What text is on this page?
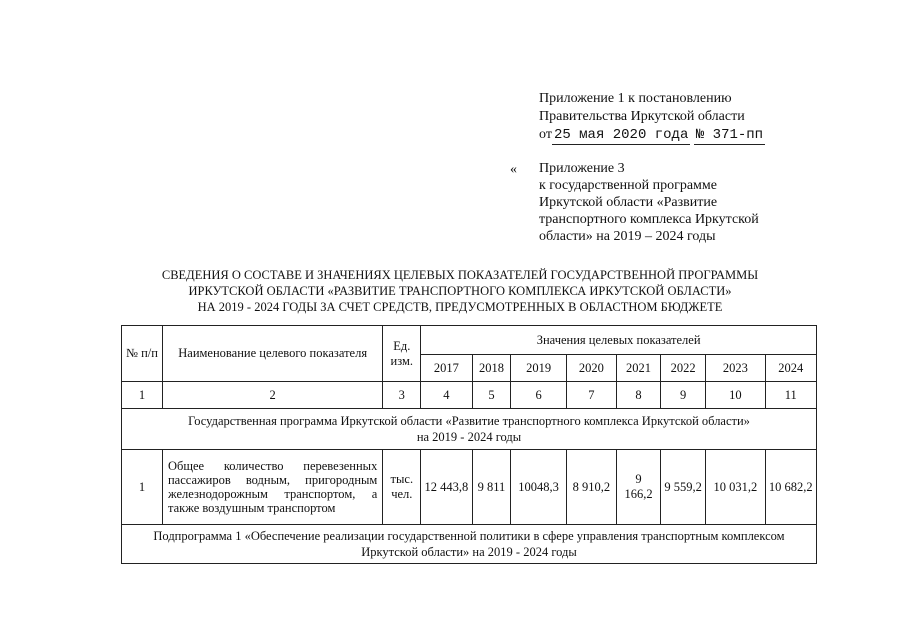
Приложение 1 к постановлению
Правительства Иркутской области
от 25 мая 2020 года № 371-пп
« Приложение 3
к государственной программе
Иркутской области «Развитие
транспортного комплекса Иркутской
области» на 2019 – 2024 годы
СВЕДЕНИЯ О СОСТАВЕ И ЗНАЧЕНИЯХ ЦЕЛЕВЫХ ПОКАЗАТЕЛЕЙ ГОСУДАРСТВЕННОЙ ПРОГРАММЫ
ИРКУТСКОЙ ОБЛАСТИ «РАЗВИТИЕ ТРАНСПОРТНОГО КОМПЛЕКСА ИРКУТСКОЙ ОБЛАСТИ»
НА 2019 - 2024 ГОДЫ ЗА СЧЕТ СРЕДСТВ, ПРЕДУСМОТРЕННЫХ В ОБЛАСТНОМ БЮДЖЕТЕ
№ п/п	Наименование целевого показателя	Ед. изм.	Значения целевых показателей							
			2017	2018	2019	2020	2021	2022	2023	2024
1	2	3	4	5	6	7	8	9	10	11

Государственная программа Иркутской области «Развитие транспортного комплекса Иркутской области»
на 2019 - 2024 годы										

1	Общее количество перевезенных пассажиров водным, пригородным железнодорожным транспортом, а также воздушным транспортом	тыс. чел.	12 443,8	9 811	10048,3	8 910,2	9 166,2	9 559,2	10 031,2	10 682,2

Подпрограмма 1 «Обеспечение реализации государственной политики в сфере управления транспортным комплексом
Иркутской области» на 2019 - 2024 годы										
